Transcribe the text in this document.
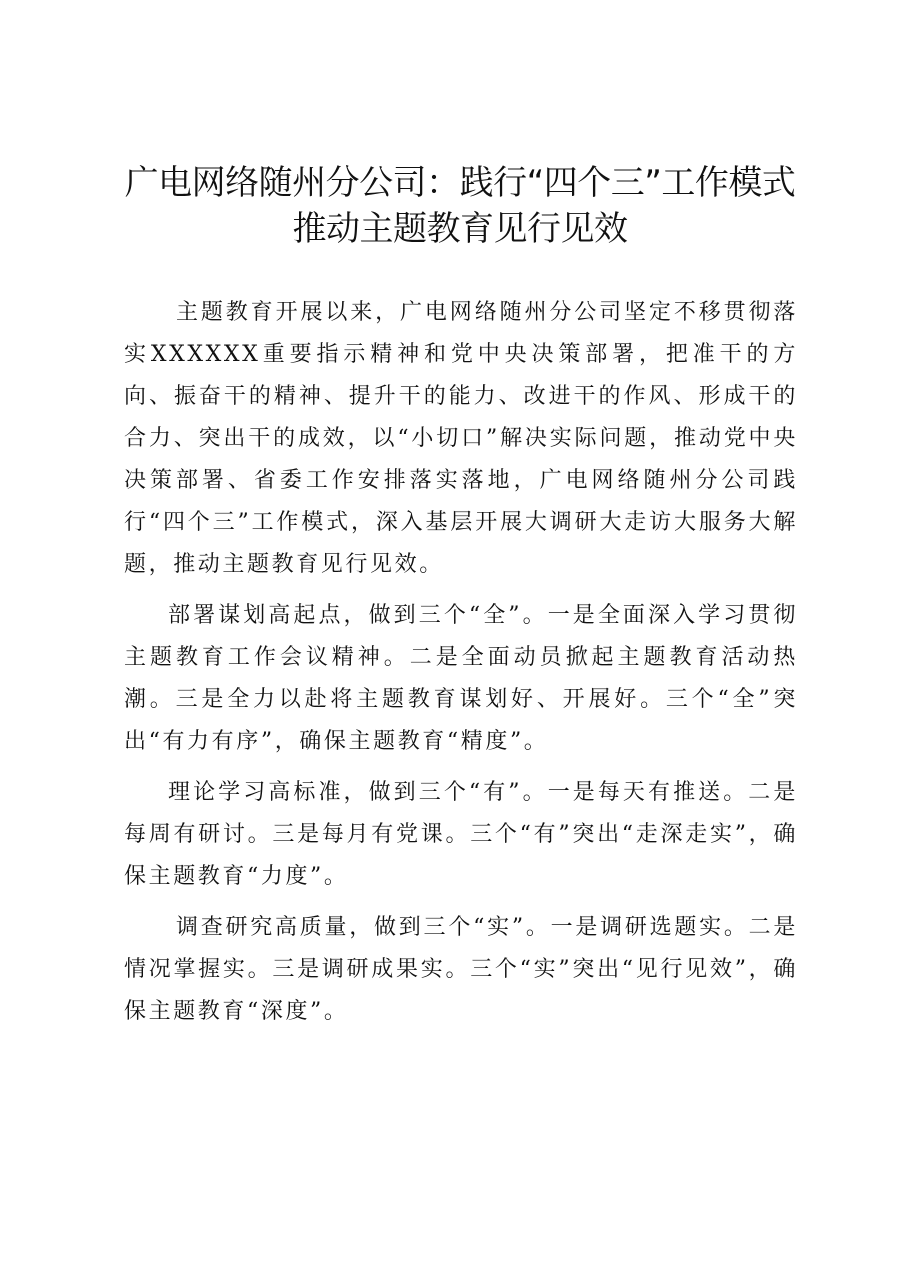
广电网络随州分公司：践行“四个三”工作模式推动主题教育见行见效

主题教育开展以来，广电网络随州分公司坚定不移贯彻落实XXXXXX重要指示精神和党中央决策部署，把准干的方向、振奋干的精神、提升干的能力、改进干的作风、形成干的合力、突出干的成效，以“小切口”解决实际问题，推动党中央决策部署、省委工作安排落实落地，广电网络随州分公司践行“四个三”工作模式，深入基层开展大调研大走访大服务大解题，推动主题教育见行见效。

部署谋划高起点，做到三个“全”。一是全面深入学习贯彻主题教育工作会议精神。二是全面动员掀起主题教育活动热潮。三是全力以赴将主题教育谋划好、开展好。三个“全”突出“有力有序”，确保主题教育“精度”。

理论学习高标准，做到三个“有”。一是每天有推送。二是每周有研讨。三是每月有党课。三个“有”突出“走深走实”，确保主题教育“力度”。

调查研究高质量，做到三个“实”。一是调研选题实。二是情况掌握实。三是调研成果实。三个“实”突出“见行见效”，确保主题教育“深度”。
